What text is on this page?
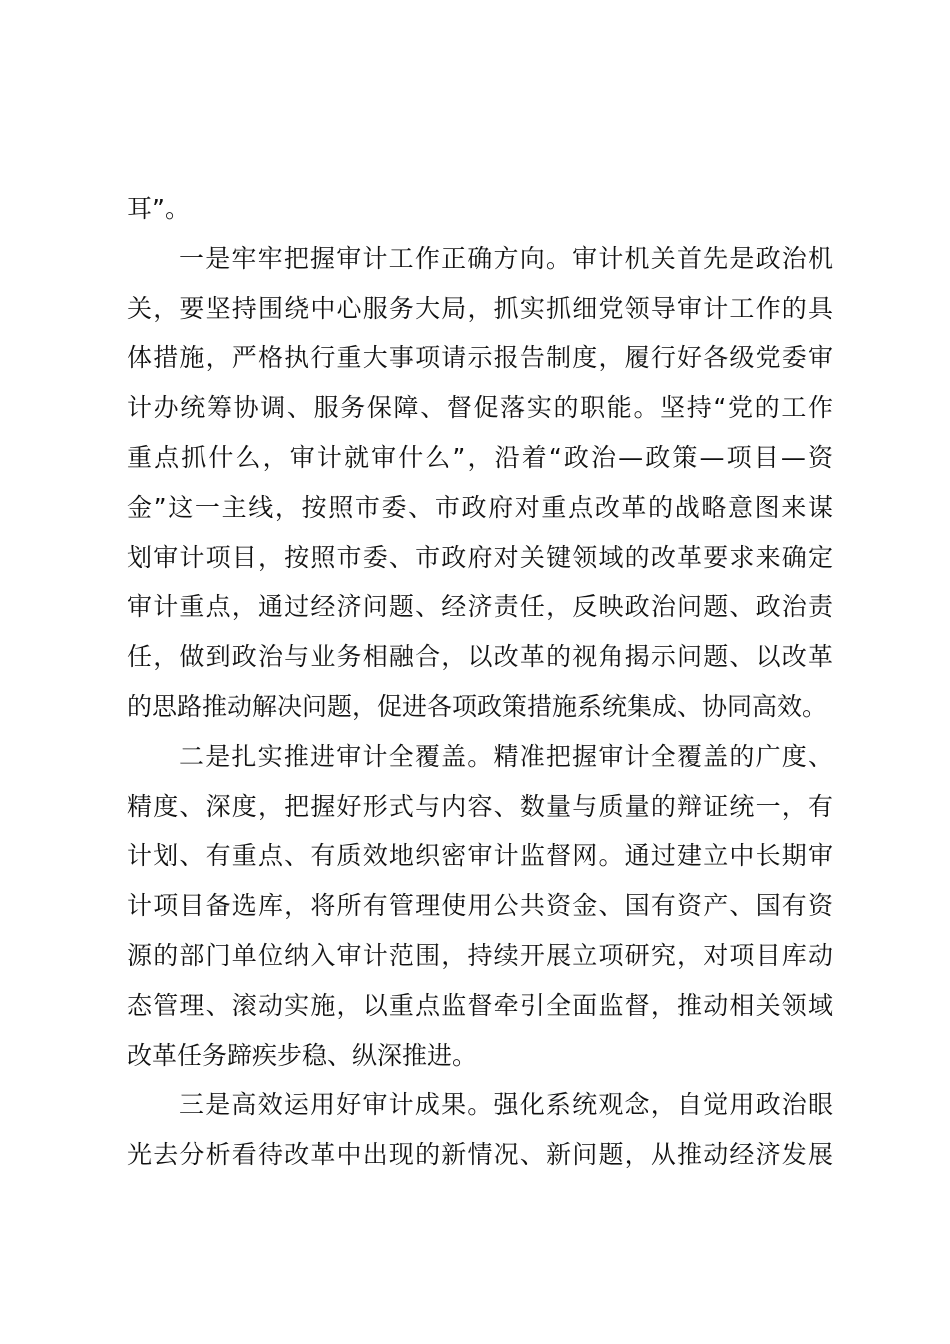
耳”。
一是牢牢把握审计工作正确方向。审计机关首先是政治机
关，要坚持围绕中心服务大局，抓实抓细党领导审计工作的具
体措施，严格执行重大事项请示报告制度，履行好各级党委审
计办统筹协调、服务保障、督促落实的职能。坚持“党的工作
重点抓什么，审计就审什么”，沿着“政治—政策—项目—资
金”这一主线，按照市委、市政府对重点改革的战略意图来谋
划审计项目，按照市委、市政府对关键领域的改革要求来确定
审计重点，通过经济问题、经济责任，反映政治问题、政治责
任，做到政治与业务相融合，以改革的视角揭示问题、以改革
的思路推动解决问题，促进各项政策措施系统集成、协同高效。
二是扎实推进审计全覆盖。精准把握审计全覆盖的广度、
精度、深度，把握好形式与内容、数量与质量的辩证统一，有
计划、有重点、有质效地织密审计监督网。通过建立中长期审
计项目备选库，将所有管理使用公共资金、国有资产、国有资
源的部门单位纳入审计范围，持续开展立项研究，对项目库动
态管理、滚动实施，以重点监督牵引全面监督，推动相关领域
改革任务蹄疾步稳、纵深推进。
三是高效运用好审计成果。强化系统观念，自觉用政治眼
光去分析看待改革中出现的新情况、新问题，从推动经济发展
